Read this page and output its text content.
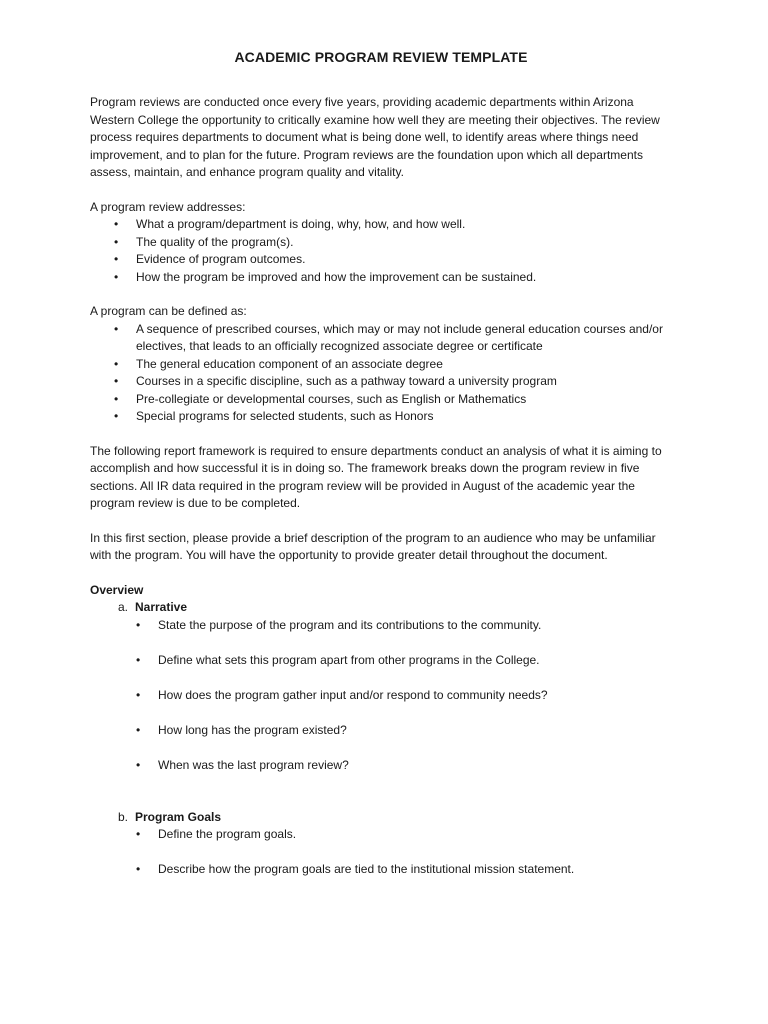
ACADEMIC PROGRAM REVIEW TEMPLATE

Program reviews are conducted once every five years, providing academic departments within Arizona Western College the opportunity to critically examine how well they are meeting their objectives. The review process requires departments to document what is being done well, to identify areas where things need improvement, and to plan for the future. Program reviews are the foundation upon which all departments assess, maintain, and enhance program quality and vitality.

A program review addresses:

• What a program/department is doing, why, how, and how well.
• The quality of the program(s).
• Evidence of program outcomes.
• How the program be improved and how the improvement can be sustained.

A program can be defined as:

• A sequence of prescribed courses, which may or may not include general education courses and/or electives, that leads to an officially recognized associate degree or certificate
• The general education component of an associate degree
• Courses in a specific discipline, such as a pathway toward a university program
• Pre-collegiate or developmental courses, such as English or Mathematics
• Special programs for selected students, such as Honors

The following report framework is required to ensure departments conduct an analysis of what it is aiming to accomplish and how successful it is in doing so. The framework breaks down the program review in five sections. All IR data required in the program review will be provided in August of the academic year the program review is due to be completed.

In this first section, please provide a brief description of the program to an audience who may be unfamiliar with the program. You will have the opportunity to provide greater detail throughout the document.

Overview

a. Narrative
• State the purpose of the program and its contributions to the community.
• Define what sets this program apart from other programs in the College.
• How does the program gather input and/or respond to community needs?
• How long has the program existed?
• When was the last program review?
b. Program Goals
• Define the program goals.
• Describe how the program goals are tied to the institutional mission statement.
